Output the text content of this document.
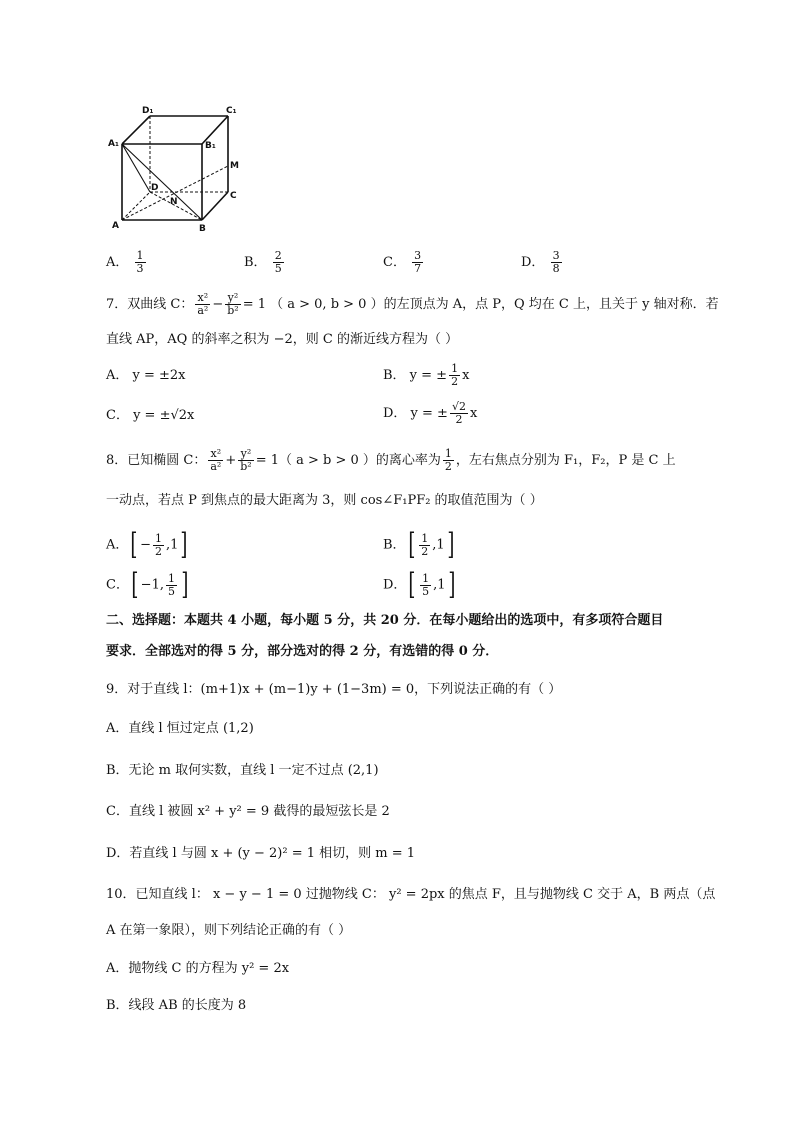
D₁	C₁
A₁	B₁
M
D
N
C
A	B
A． $\frac{1}{3}$	B． $\frac{2}{5}$	C． $\frac{3}{7}$	D． $\frac{3}{8}$
7．双曲线 C： $\frac{\text{x²}}{\text{a²}} - \frac{\text{y²}}{\text{b²}} = 1$ （ a > 0, b > 0 ）的左顶点为 A，点 P，Q 均在 C 上，且关于 y 轴对称．若
直线 AP，AQ 的斜率之积为 −2，则 C 的渐近线方程为（ ）
A． y = ±2x	B． y = ± $\frac{1}{2}$ x
C． y = ±√2x	D． y = ± $\frac{√2}{2}$ x
8．已知椭圆 C： $\frac{\text{x²}}{\text{a²}} + \frac{\text{y²}}{\text{b²}} = 1$（ a > b > 0 ）的离心率为 $\frac{1}{2}$ ，左右焦点分别为 F₁，F₂，P 是 C 上
一动点，若点 P 到焦点的最大距离为 3，则 cos∠F₁PF₂ 的取值范围为（ ）
A．[ − $\frac{1}{2} ,1$]	B．[ $\frac{1}{2} ,1$]
C．[ −1, $\frac{1}{5}$ ]	D．[ $\frac{1}{5} ,1$]
二、选择题：本题共 4 小题，每小题 5 分，共 20 分．在每小题给出的选项中，有多项符合题目
要求．全部选对的得 5 分，部分选对的得 2 分，有选错的得 0 分．
9．对于直线 l：(m+1)x + (m−1)y + (1−3m) = 0，下列说法正确的有（ ）
A．直线 l 恒过定点 (1,2)
B．无论 m 取何实数，直线 l 一定不过点 (2,1)
C．直线 l 被圆 x² + y² = 9 截得的最短弦长是 2
D．若直线 l 与圆 x + (y − 2)² = 1 相切，则 m = 1
10．已知直线 l： x − y − 1 = 0 过抛物线 C： y² = 2px 的焦点 F，且与抛物线 C 交于 A，B 两点（点
A 在第一象限），则下列结论正确的有（ ）
A．抛物线 C 的方程为 y² = 2x
B．线段 AB 的长度为 8
